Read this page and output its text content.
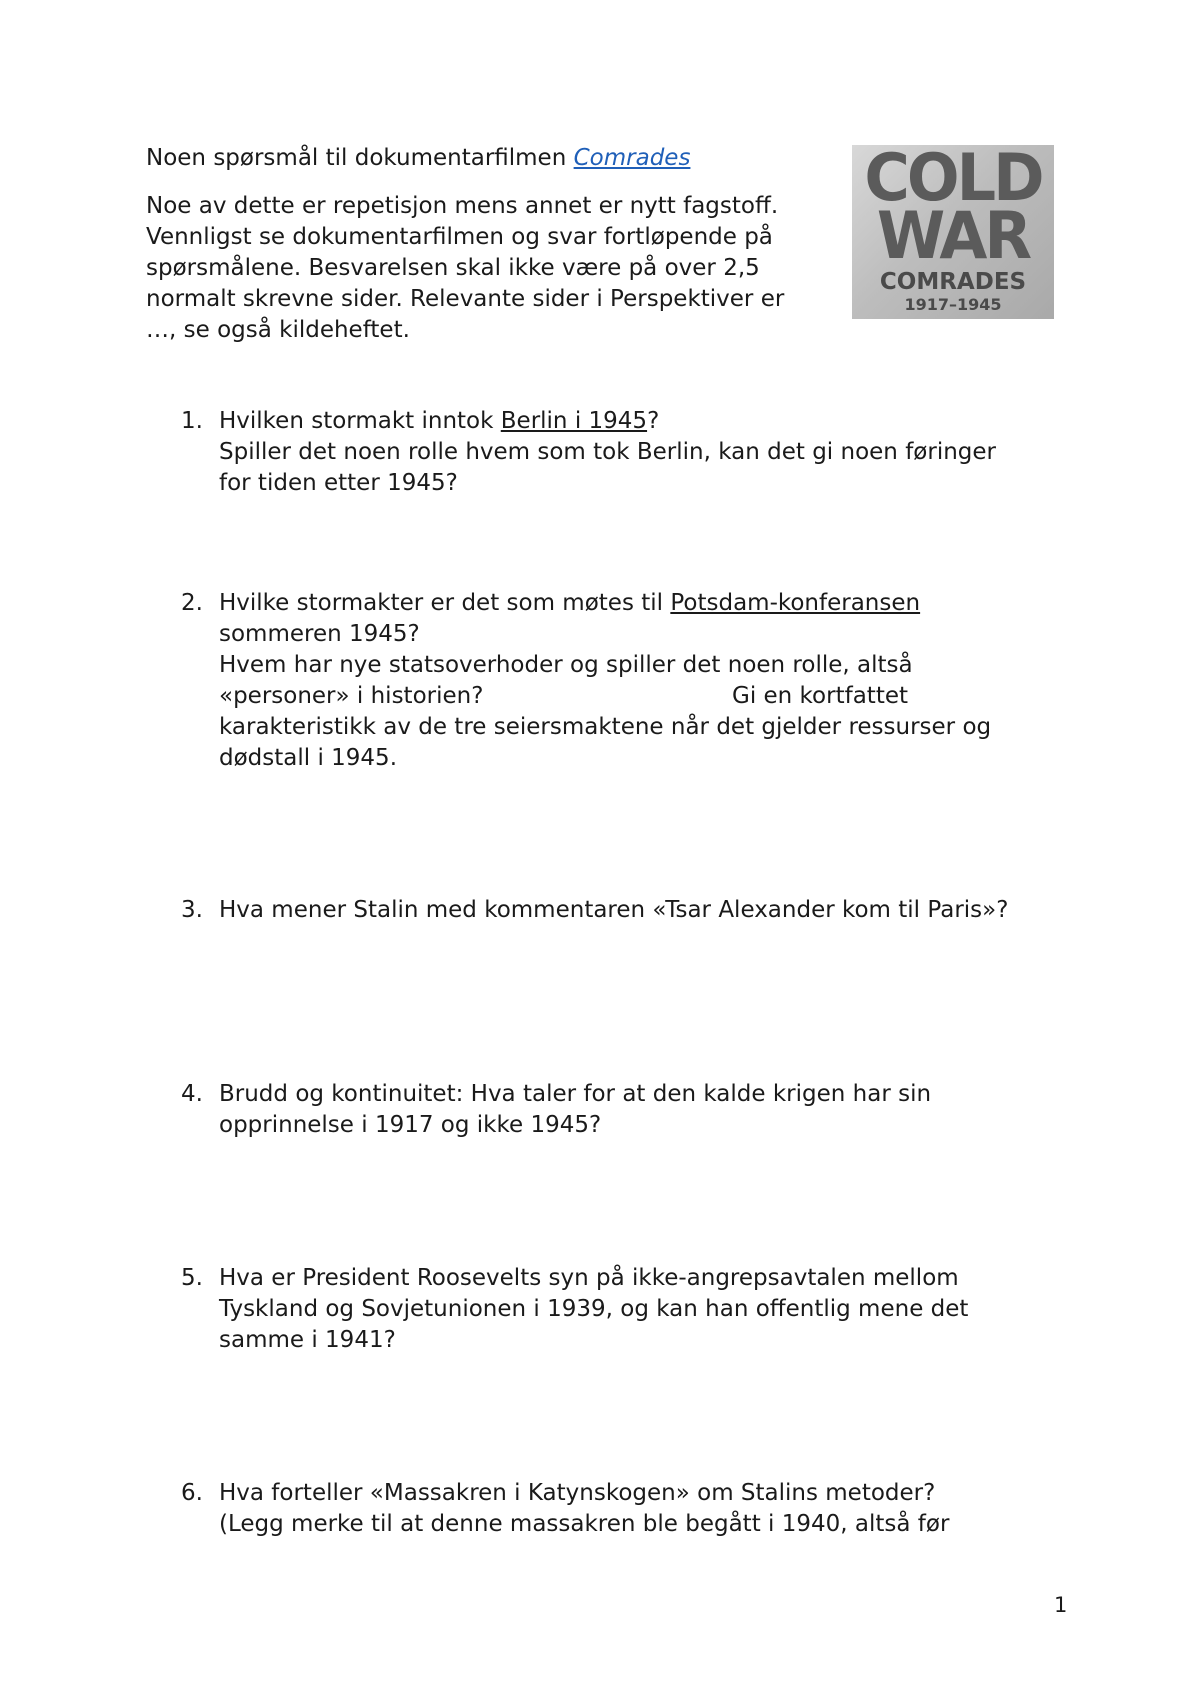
Noen spørsmål til dokumentarfilmen Comrades
Noe av dette er repetisjon mens annet er nytt fagstoff.
Vennligst se dokumentarfilmen og svar fortløpende på
spørsmålene. Besvarelsen skal ikke være på over 2,5
normalt skrevne sider. Relevante sider i Perspektiver er
…, se også kildeheftet.
COLD
WAR
COMRADES
1917–1945
1. Hvilken stormakt inntok Berlin i 1945?
Spiller det noen rolle hvem som tok Berlin, kan det gi noen føringer
for tiden etter 1945?
2. Hvilke stormakter er det som møtes til Potsdam-konferansen
sommeren 1945?
Hvem har nye statsoverhoder og spiller det noen rolle, altså
«personer» i historien?                                  Gi en kortfattet
karakteristikk av de tre seiersmaktene når det gjelder ressurser og
dødstall i 1945.
3. Hva mener Stalin med kommentaren «Tsar Alexander kom til Paris»?
4. Brudd og kontinuitet: Hva taler for at den kalde krigen har sin
opprinnelse i 1917 og ikke 1945?
5. Hva er President Roosevelts syn på ikke-angrepsavtalen mellom
Tyskland og Sovjetunionen i 1939, og kan han offentlig mene det
samme i 1941?
6. Hva forteller «Massakren i Katynskogen» om Stalins metoder?
(Legg merke til at denne massakren ble begått i 1940, altså før
1
